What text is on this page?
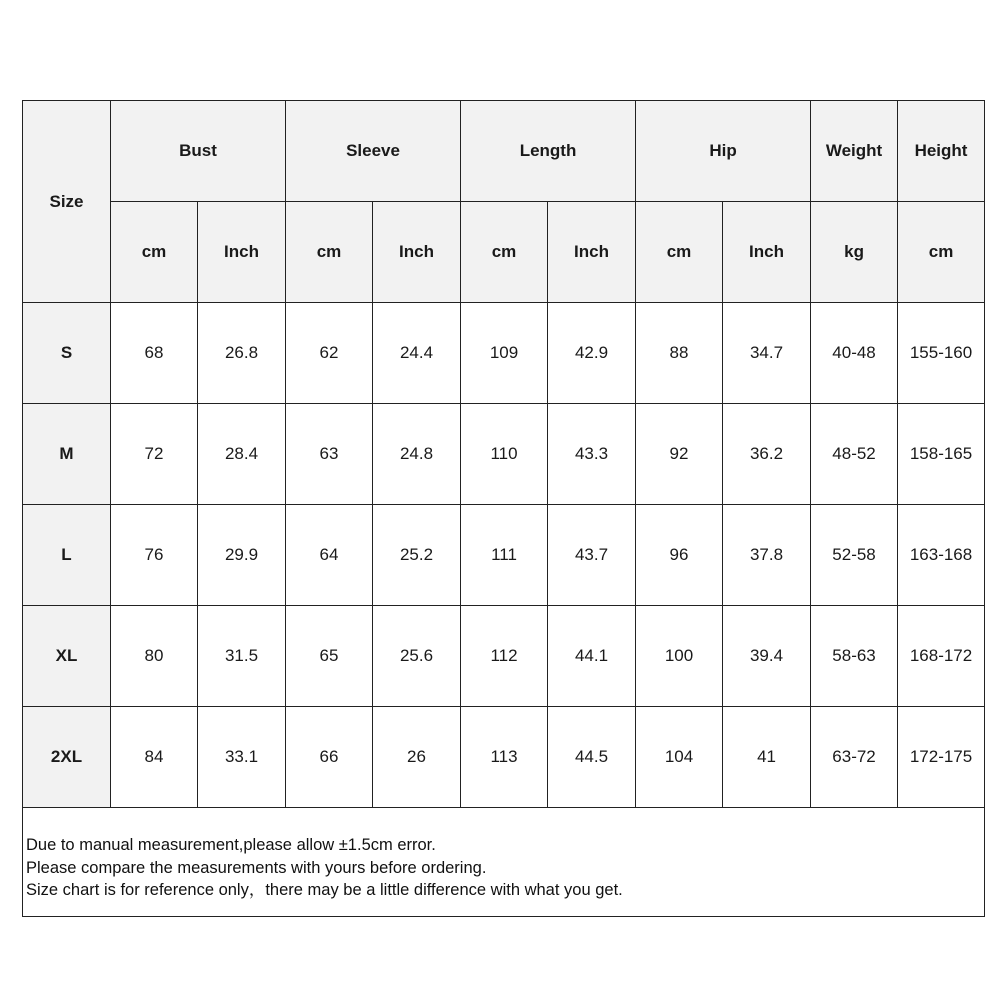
Size	Bust		Sleeve		Length		Hip		Weight	Height
	cm	Inch	cm	Inch	cm	Inch	cm	Inch	kg	cm
S	68	26.8	62	24.4	109	42.9	88	34.7	40-48	155-160
M	72	28.4	63	24.8	110	43.3	92	36.2	48-52	158-165
L	76	29.9	64	25.2	111	43.7	96	37.8	52-58	163-168
XL	80	31.5	65	25.6	112	44.1	100	39.4	58-63	168-172
2XL	84	33.1	66	26	113	44.5	104	41	63-72	172-175
Due to manual measurement,please allow ±1.5cm error.
Please compare the measurements with yours before ordering.
Size chart is for reference only，there may be a little difference with what you get.
